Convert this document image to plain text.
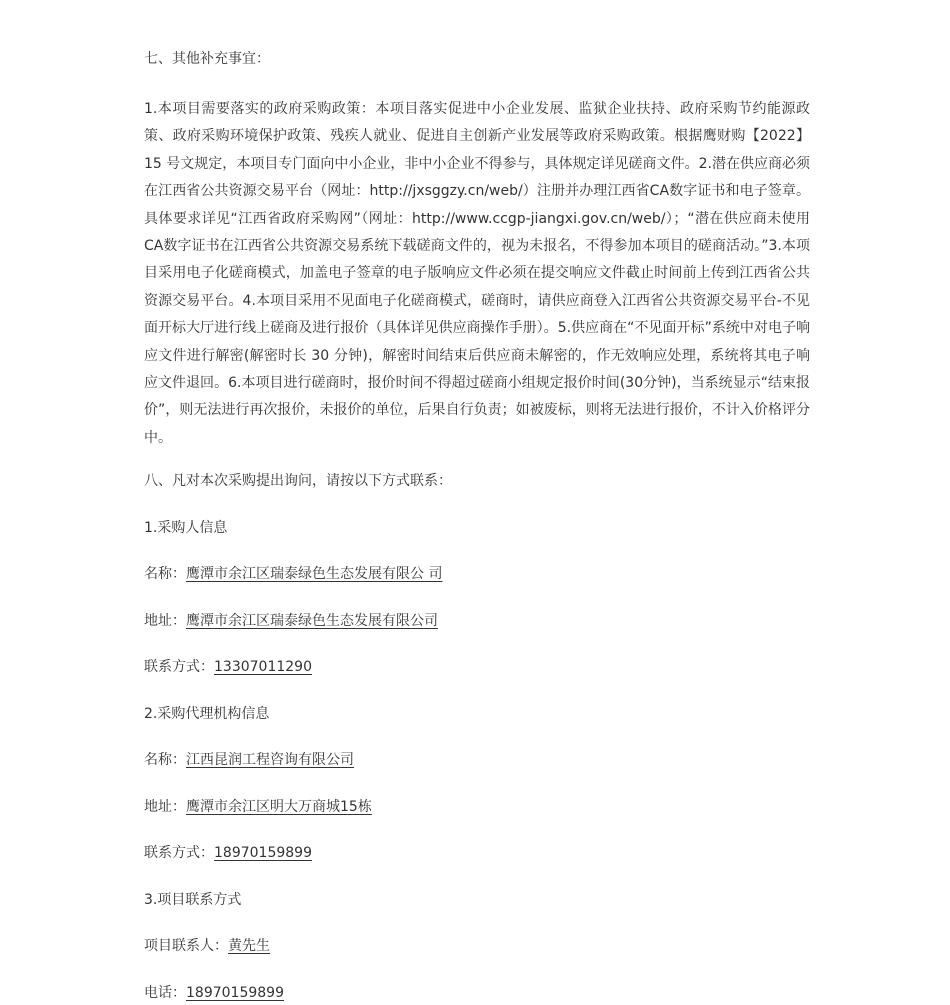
七、其他补充事宜：

1.本项目需要落实的政府采购政策：本项目落实促进中小企业发展、监狱企业扶持、政府采购节约能源政策、政府采购环境保护政策、残疾人就业、促进自主创新产业发展等政府采购政策。根据鹰财购【2022】15 号文规定，本项目专门面向中小企业，非中小企业不得参与，具体规定详见磋商文件。2.潜在供应商必须在江西省公共资源交易平台（网址：http://jxsggzy.cn/web/）注册并办理江西省CA数字证书和电子签章。具体要求详见“江西省政府采购网”（网址：http://www.ccgp-jiangxi.gov.cn/web/）；“潜在供应商未使用CA数字证书在江西省公共资源交易系统下载磋商文件的，视为未报名，不得参加本项目的磋商活动。”3.本项目采用电子化磋商模式，加盖电子签章的电子版响应文件必须在提交响应文件截止时间前上传到江西省公共资源交易平台。4.本项目采用不见面电子化磋商模式，磋商时，请供应商登入江西省公共资源交易平台-不见面开标大厅进行线上磋商及进行报价（具体详见供应商操作手册）。5.供应商在“不见面开标”系统中对电子响应文件进行解密(解密时长 30 分钟)，解密时间结束后供应商未解密的，作无效响应处理，系统将其电子响应文件退回。6.本项目进行磋商时，报价时间不得超过磋商小组规定报价时间(30分钟)，当系统显示“结束报价”，则无法进行再次报价，未报价的单位，后果自行负责；如被废标，则将无法进行报价，不计入价格评分中。

八、凡对本次采购提出询问，请按以下方式联系：

1.采购人信息

名称：鹰潭市余江区瑞泰绿色生态发展有限公 司

地址：鹰潭市余江区瑞泰绿色生态发展有限公司

联系方式：13307011290

2.采购代理机构信息

名称：江西昆润工程咨询有限公司

地址：鹰潭市余江区明大万商城15栋

联系方式：18970159899

3.项目联系方式

项目联系人：黄先生

电话：18970159899
